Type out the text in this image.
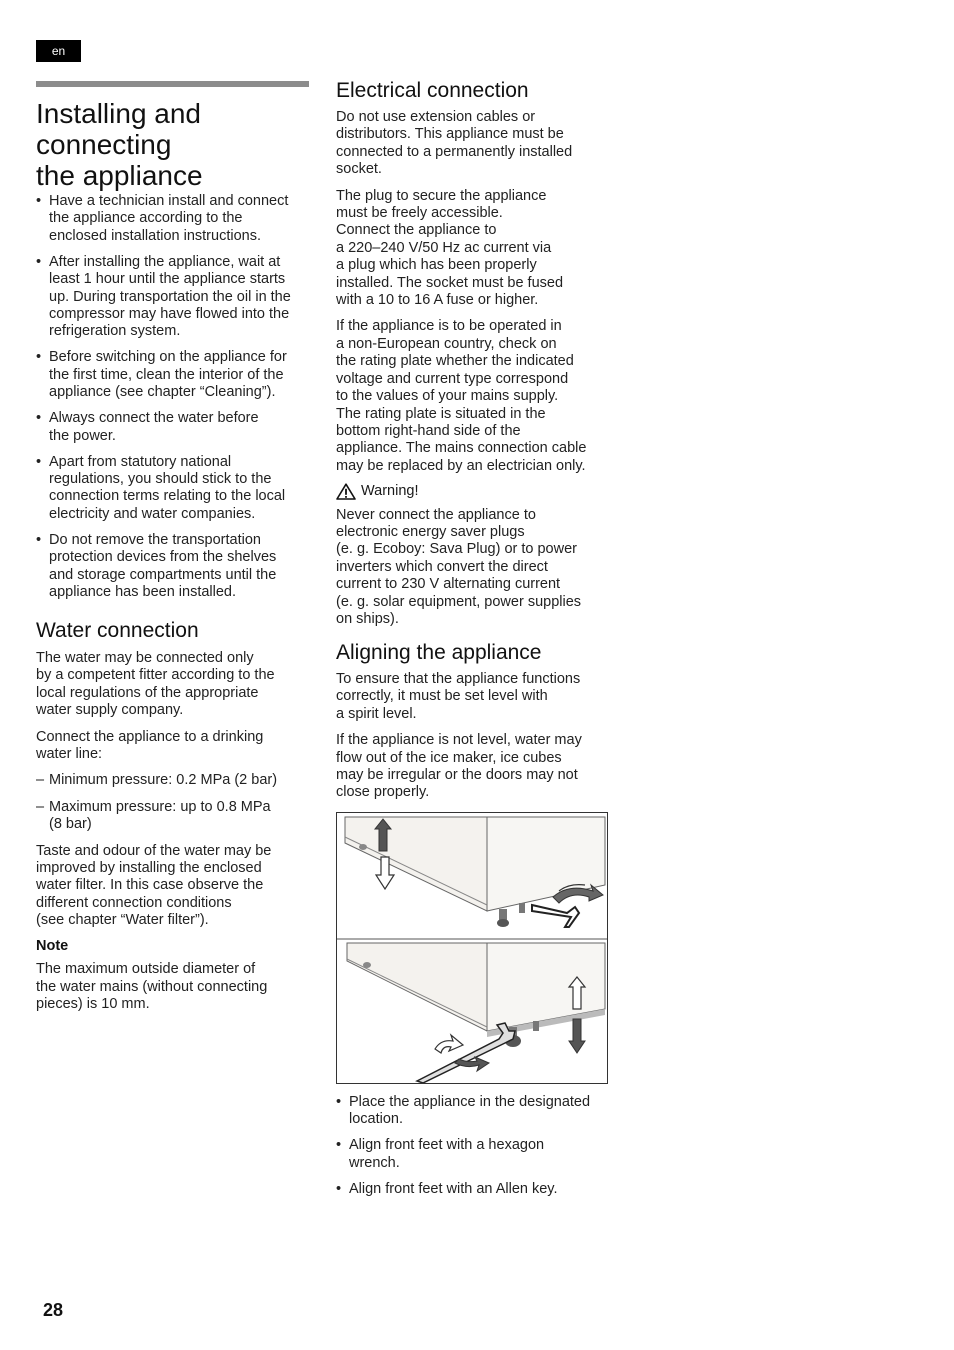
en
Installing and
connecting
the appliance
• Have a technician install and connect
the appliance according to the
enclosed installation instructions.
• After installing the appliance, wait at
least 1 hour until the appliance starts
up. During transportation the oil in the
compressor may have flowed into the
refrigeration system.
• Before switching on the appliance for
the first time, clean the interior of the
appliance (see chapter “Cleaning”).
• Always connect the water before
the power.
• Apart from statutory national
regulations, you should stick to the
connection terms relating to the local
electricity and water companies.
• Do not remove the transportation
protection devices from the shelves
and storage compartments until the
appliance has been installed.
Water connection
The water may be connected only
by a competent fitter according to the
local regulations of the appropriate
water supply company.
Connect the appliance to a drinking
water line:
– Minimum pressure: 0.2 MPa (2 bar)
– Maximum pressure: up to 0.8 MPa
(8 bar)
Taste and odour of the water may be
improved by installing the enclosed
water filter. In this case observe the
different connection conditions
(see chapter “Water filter”).
Note
The maximum outside diameter of
the water mains (without connecting
pieces) is 10 mm.
Electrical connection
Do not use extension cables or
distributors. This appliance must be
connected to a permanently installed
socket.
The plug to secure the appliance
must be freely accessible.
Connect the appliance to
a 220–240 V/50 Hz ac current via
a plug which has been properly
installed. The socket must be fused
with a 10 to 16 A fuse or higher.
If the appliance is to be operated in
a non-European country, check on
the rating plate whether the indicated
voltage and current type correspond
to the values of your mains supply.
The rating plate is situated in the
bottom right-hand side of the
appliance. The mains connection cable
may be replaced by an electrician only.
Warning!
Never connect the appliance to
electronic energy saver plugs
(e. g. Ecoboy: Sava Plug) or to power
inverters which convert the direct
current to 230 V alternating current
(e. g. solar equipment, power supplies
on ships).
Aligning the appliance
To ensure that the appliance functions
correctly, it must be set level with
a spirit level.
If the appliance is not level, water may
flow out of the ice maker, ice cubes
may be irregular or the doors may not
close properly.
• Place the appliance in the designated
location.
• Align front feet with a hexagon
wrench.
• Align front feet with an Allen key.
28
